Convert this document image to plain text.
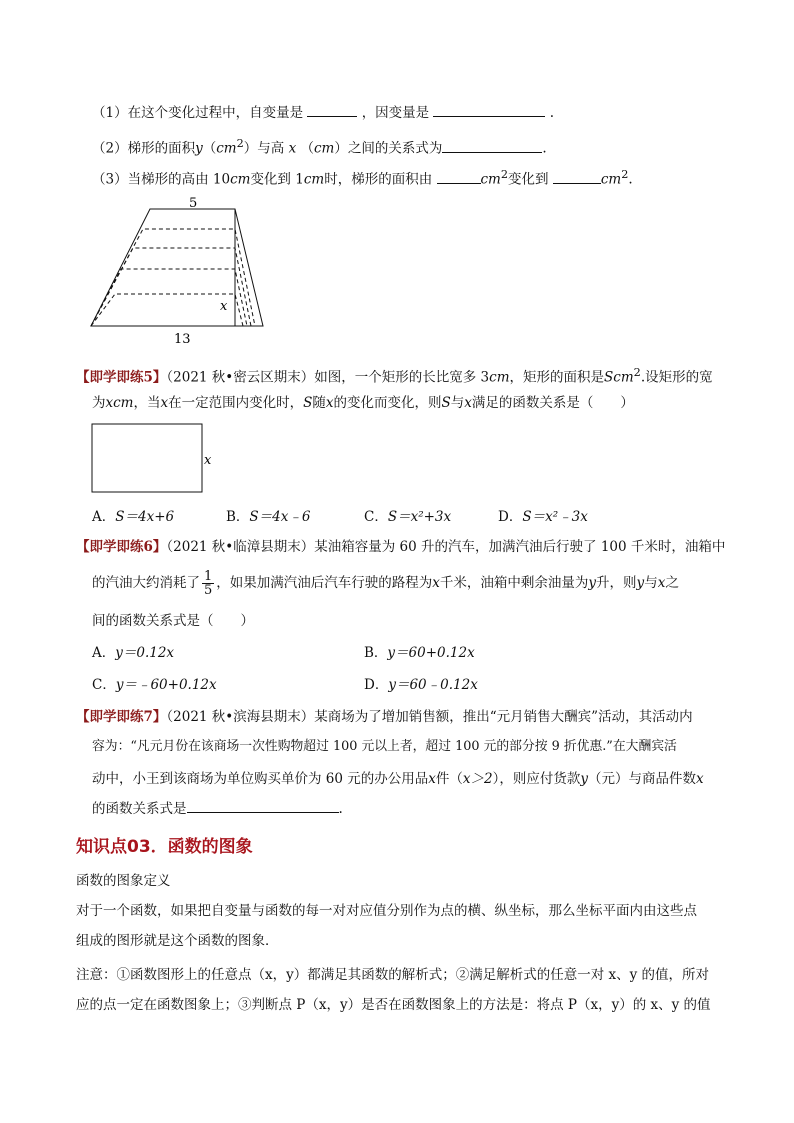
（1）在这个变化过程中，自变量是	，因变量是	.
（2）梯形的面积$y(cm^2)$与高 x （cm）之间的关系式为	.
（3）当梯形的高由 10cm变化到 1cm时，梯形的面积由	$cm^2$变化到	$cm^2$.
5
13
x
【即学即练5】（2021 秋•密云区期末）如图，一个矩形的长比宽多 3cm，矩形的面积是Scm$^2$.设矩形的宽
为xcm，当x在一定范围内变化时，S随x的变化而变化，则S与x满足的函数关系是（　　）
x
A．S＝4x+6	B．S＝4x﹣6	C．S＝x²+3x	D．S＝x²﹣3x
【即学即练6】（2021 秋•临漳县期末）某油箱容量为 60 升的汽车，加满汽油后行驶了 100 千米时，油箱中
的汽油大约消耗了 $\frac{1}{5}$ ，如果加满汽油后汽车行驶的路程为x千米，油箱中剩余油量为y升，则y与x之
间的函数关系式是（　　）
A．y＝0.12x	B．y＝60+0.12x
C．y＝﹣60+0.12x	D．y＝60﹣0.12x
【即学即练7】（2021 秋•滨海县期末）某商场为了增加销售额，推出“元月销售大酬宾”活动，其活动内
容为：“凡元月份在该商场一次性购物超过 100 元以上者，超过 100 元的部分按 9 折优惠.”在大酬宾活
动中，小王到该商场为单位购买单价为 60 元的办公用品x件（x＞2），则应付货款y（元）与商品件数x
的函数关系式是	.
知识点03．函数的图象
函数的图象定义
对于一个函数，如果把自变量与函数的每一对对应值分别作为点的横、纵坐标，那么坐标平面内由这些点
组成的图形就是这个函数的图象．
注意：①函数图形上的任意点（x，y）都满足其函数的解析式；②满足解析式的任意一对 x、y 的值，所对
应的点一定在函数图象上；③判断点 P（x，y）是否在函数图象上的方法是：将点 P（x，y）的 x、y 的值
